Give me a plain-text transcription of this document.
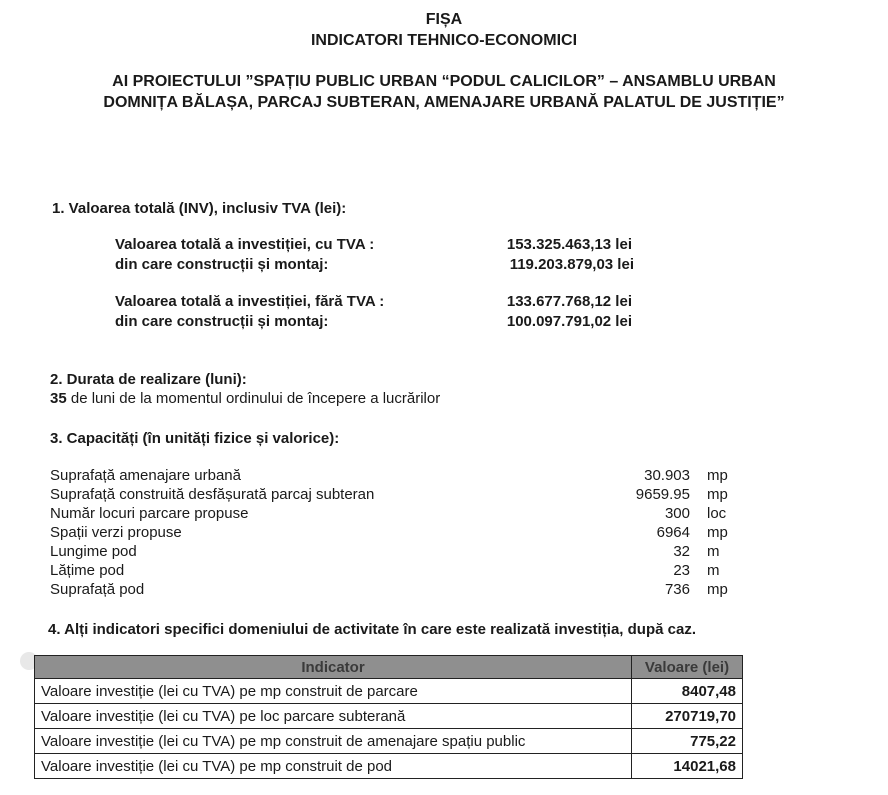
FIȘA
INDICATORI TEHNICO-ECONOMICI
AI PROIECTULUI ”SPAȚIU PUBLIC URBAN “PODUL CALICILOR” – ANSAMBLU URBAN
DOMNIȚA BĂLAȘA, PARCAJ SUBTERAN, AMENAJARE URBANĂ PALATUL DE JUSTIȚIE”
1. Valoarea totală (INV), inclusiv TVA (lei):
Valoarea totală a investiției, cu TVA :	153.325.463,13 lei
din care construcții și montaj:	119.203.879,03 lei
Valoarea totală a investiției, fără TVA :	133.677.768,12 lei
din care construcții și montaj:	100.097.791,02 lei
2. Durata de realizare (luni):
35 de luni de la momentul ordinului de începere a lucrărilor
3. Capacități (în unități fizice și valorice):
Suprafață amenajare urbană	30.903 mp
Suprafață construită desfășurată parcaj subteran	9659.95 mp
Număr locuri parcare propuse	300 loc
Spații verzi propuse	6964 mp
Lungime pod	32 m
Lățime pod	23 m
Suprafață pod	736 mp
4. Alți indicatori specifici domeniului de activitate în care este realizată investiția, după caz.
Indicator	Valoare (lei)
Valoare investiție (lei cu TVA) pe mp construit de parcare	8407,48
Valoare investiție (lei cu TVA) pe loc parcare subterană	270719,70
Valoare investiție (lei cu TVA) pe mp construit de amenajare spațiu public	775,22
Valoare investiție (lei cu TVA) pe mp construit de pod	14021,68
